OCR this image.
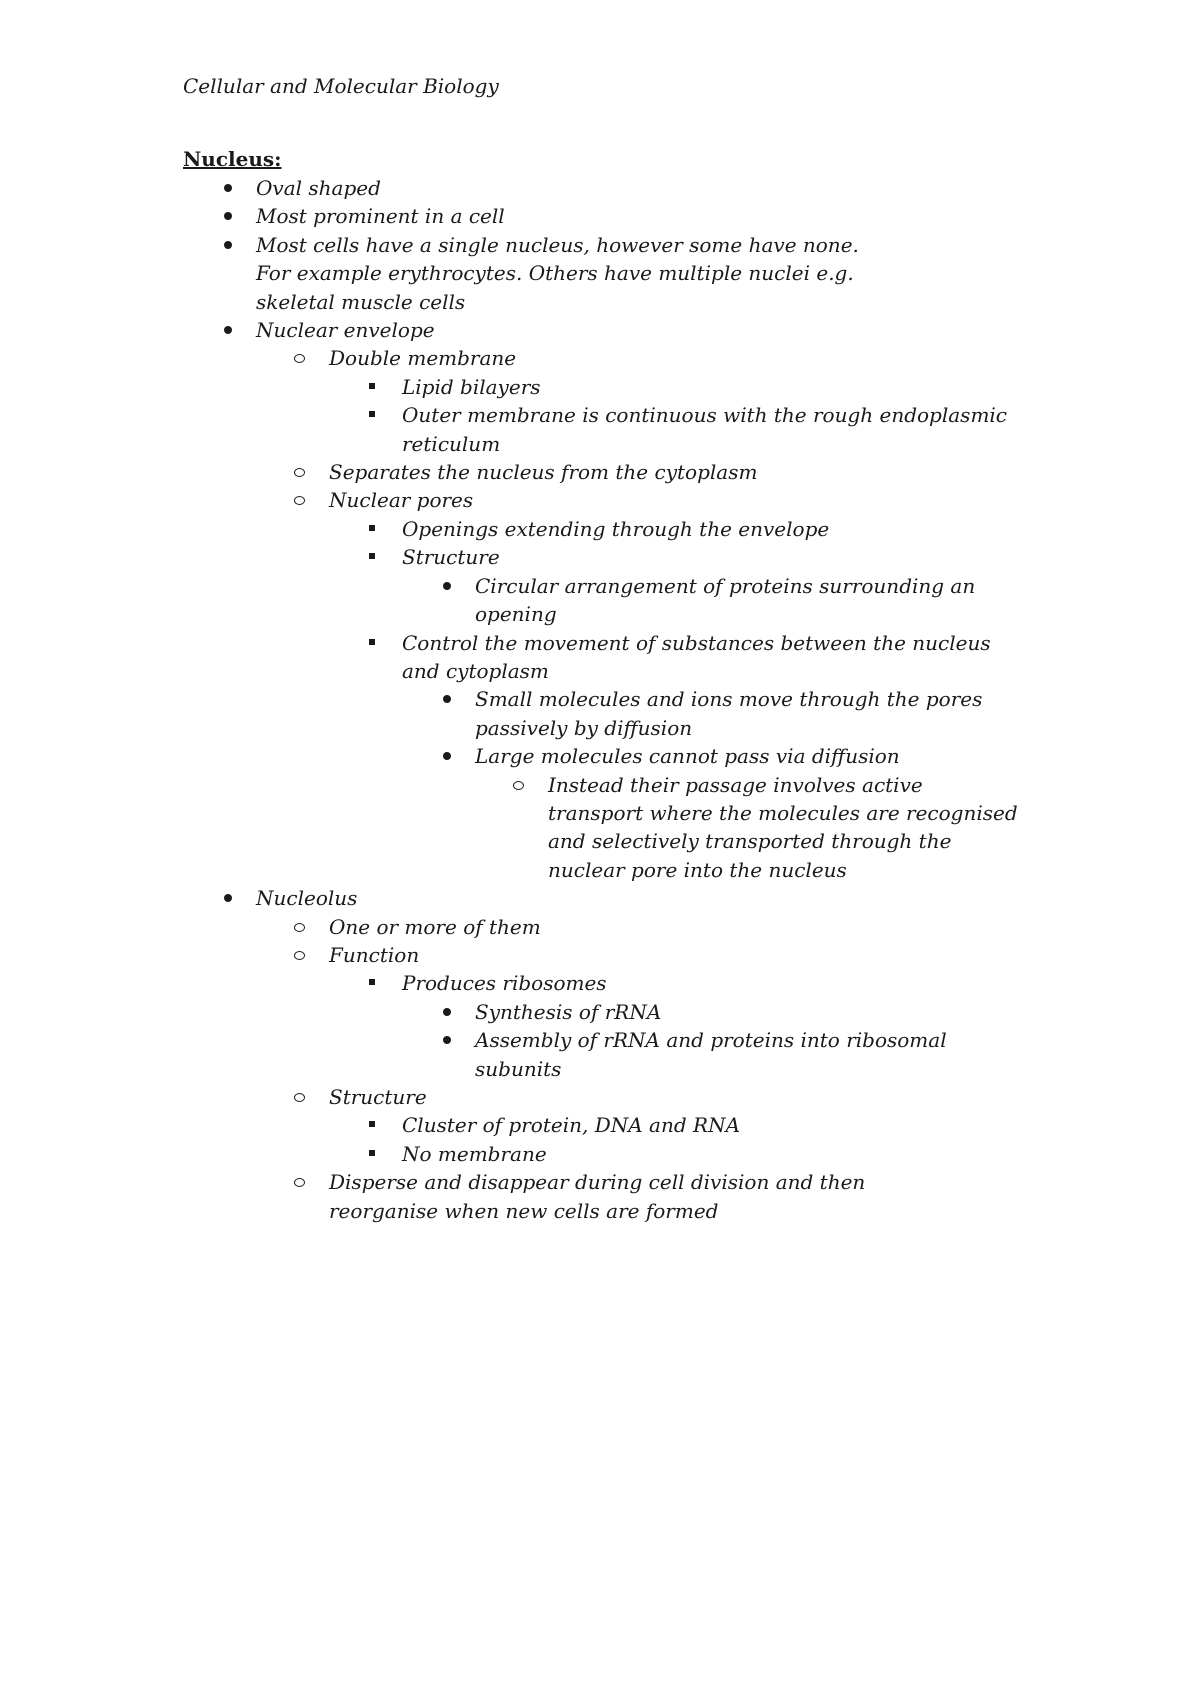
Cellular and Molecular Biology
Nucleus:
Oval shaped
Most prominent in a cell
Most cells have a single nucleus, however some have none. For example erythrocytes. Others have multiple nuclei e.g. skeletal muscle cells
Nuclear envelope
Double membrane
Lipid bilayers
Outer membrane is continuous with the rough endoplasmic reticulum
Separates the nucleus from the cytoplasm
Nuclear pores
Openings extending through the envelope
Structure
Circular arrangement of proteins surrounding an opening
Control the movement of substances between the nucleus and cytoplasm
Small molecules and ions move through the pores passively by diffusion
Large molecules cannot pass via diffusion
Instead their passage involves active transport where the molecules are recognised and selectively transported through the nuclear pore into the nucleus
Nucleolus
One or more of them
Function
Produces ribosomes
Synthesis of rRNA
Assembly of rRNA and proteins into ribosomal subunits
Structure
Cluster of protein, DNA and RNA
No membrane
Disperse and disappear during cell division and then reorganise when new cells are formed
